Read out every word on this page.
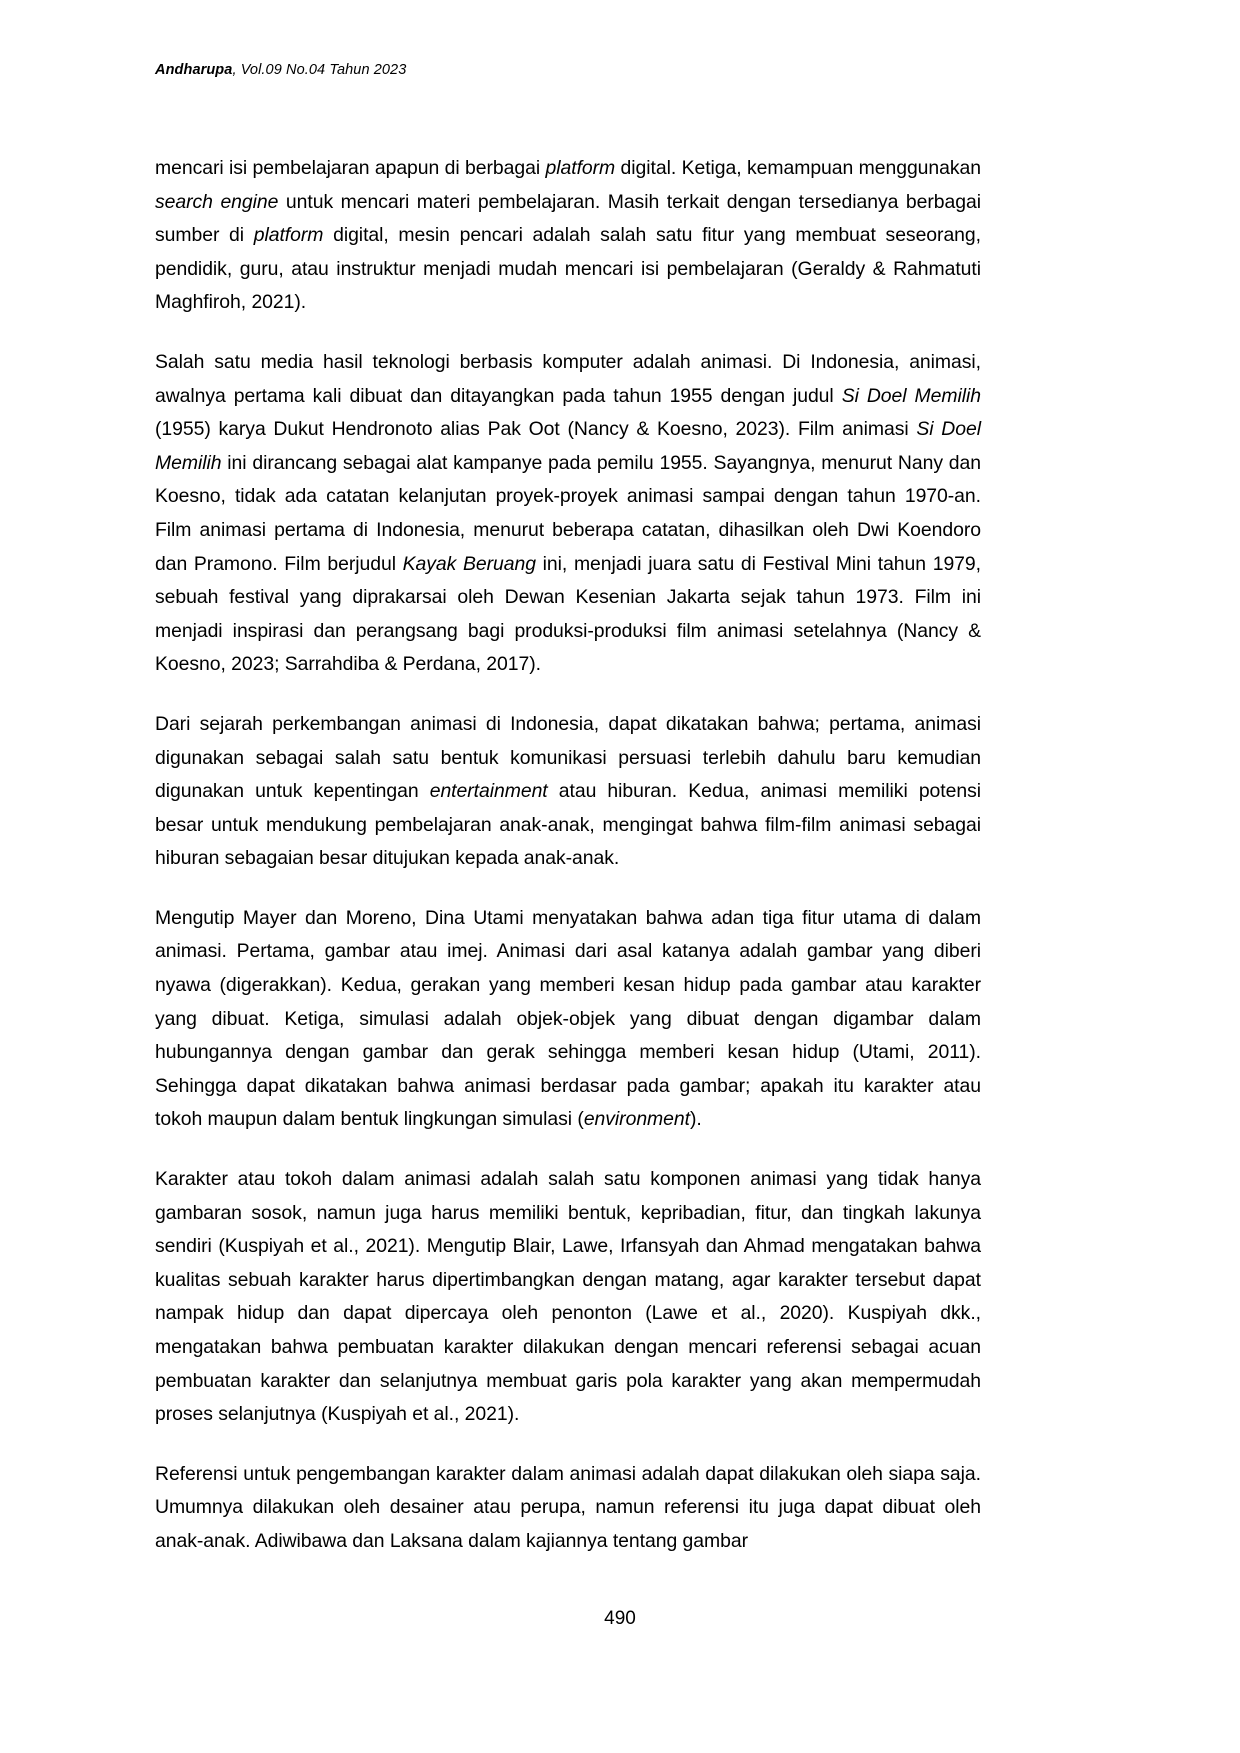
Andharupa, Vol.09 No.04 Tahun 2023

mencari isi pembelajaran apapun di berbagai platform digital. Ketiga, kemampuan menggunakan search engine untuk mencari materi pembelajaran. Masih terkait dengan tersedianya berbagai sumber di platform digital, mesin pencari adalah salah satu fitur yang membuat seseorang, pendidik, guru, atau instruktur menjadi mudah mencari isi pembelajaran (Geraldy & Rahmatuti Maghfiroh, 2021).

Salah satu media hasil teknologi berbasis komputer adalah animasi. Di Indonesia, animasi, awalnya pertama kali dibuat dan ditayangkan pada tahun 1955 dengan judul Si Doel Memilih (1955) karya Dukut Hendronoto alias Pak Oot (Nancy & Koesno, 2023). Film animasi Si Doel Memilih ini dirancang sebagai alat kampanye pada pemilu 1955. Sayangnya, menurut Nany dan Koesno, tidak ada catatan kelanjutan proyek-proyek animasi sampai dengan tahun 1970-an. Film animasi pertama di Indonesia, menurut beberapa catatan, dihasilkan oleh Dwi Koendoro dan Pramono. Film berjudul Kayak Beruang ini, menjadi juara satu di Festival Mini tahun 1979, sebuah festival yang diprakarsai oleh Dewan Kesenian Jakarta sejak tahun 1973. Film ini menjadi inspirasi dan perangsang bagi produksi-produksi film animasi setelahnya (Nancy & Koesno, 2023; Sarrahdiba & Perdana, 2017).

Dari sejarah perkembangan animasi di Indonesia, dapat dikatakan bahwa; pertama, animasi digunakan sebagai salah satu bentuk komunikasi persuasi terlebih dahulu baru kemudian digunakan untuk kepentingan entertainment atau hiburan. Kedua, animasi memiliki potensi besar untuk mendukung pembelajaran anak-anak, mengingat bahwa film-film animasi sebagai hiburan sebagaian besar ditujukan kepada anak-anak.

Mengutip Mayer dan Moreno, Dina Utami menyatakan bahwa adan tiga fitur utama di dalam animasi. Pertama, gambar atau imej. Animasi dari asal katanya adalah gambar yang diberi nyawa (digerakkan). Kedua, gerakan yang memberi kesan hidup pada gambar atau karakter yang dibuat. Ketiga, simulasi adalah objek-objek yang dibuat dengan digambar dalam hubungannya dengan gambar dan gerak sehingga memberi kesan hidup (Utami, 2011). Sehingga dapat dikatakan bahwa animasi berdasar pada gambar; apakah itu karakter atau tokoh maupun dalam bentuk lingkungan simulasi (environment).

Karakter atau tokoh dalam animasi adalah salah satu komponen animasi yang tidak hanya gambaran sosok, namun juga harus memiliki bentuk, kepribadian, fitur, dan tingkah lakunya sendiri (Kuspiyah et al., 2021). Mengutip Blair, Lawe, Irfansyah dan Ahmad mengatakan bahwa kualitas sebuah karakter harus dipertimbangkan dengan matang, agar karakter tersebut dapat nampak hidup dan dapat dipercaya oleh penonton (Lawe et al., 2020). Kuspiyah dkk., mengatakan bahwa pembuatan karakter dilakukan dengan mencari referensi sebagai acuan pembuatan karakter dan selanjutnya membuat garis pola karakter yang akan mempermudah proses selanjutnya (Kuspiyah et al., 2021).

Referensi untuk pengembangan karakter dalam animasi adalah dapat dilakukan oleh siapa saja. Umumnya dilakukan oleh desainer atau perupa, namun referensi itu juga dapat dibuat oleh anak-anak. Adiwibawa dan Laksana dalam kajiannya tentang gambar

490
